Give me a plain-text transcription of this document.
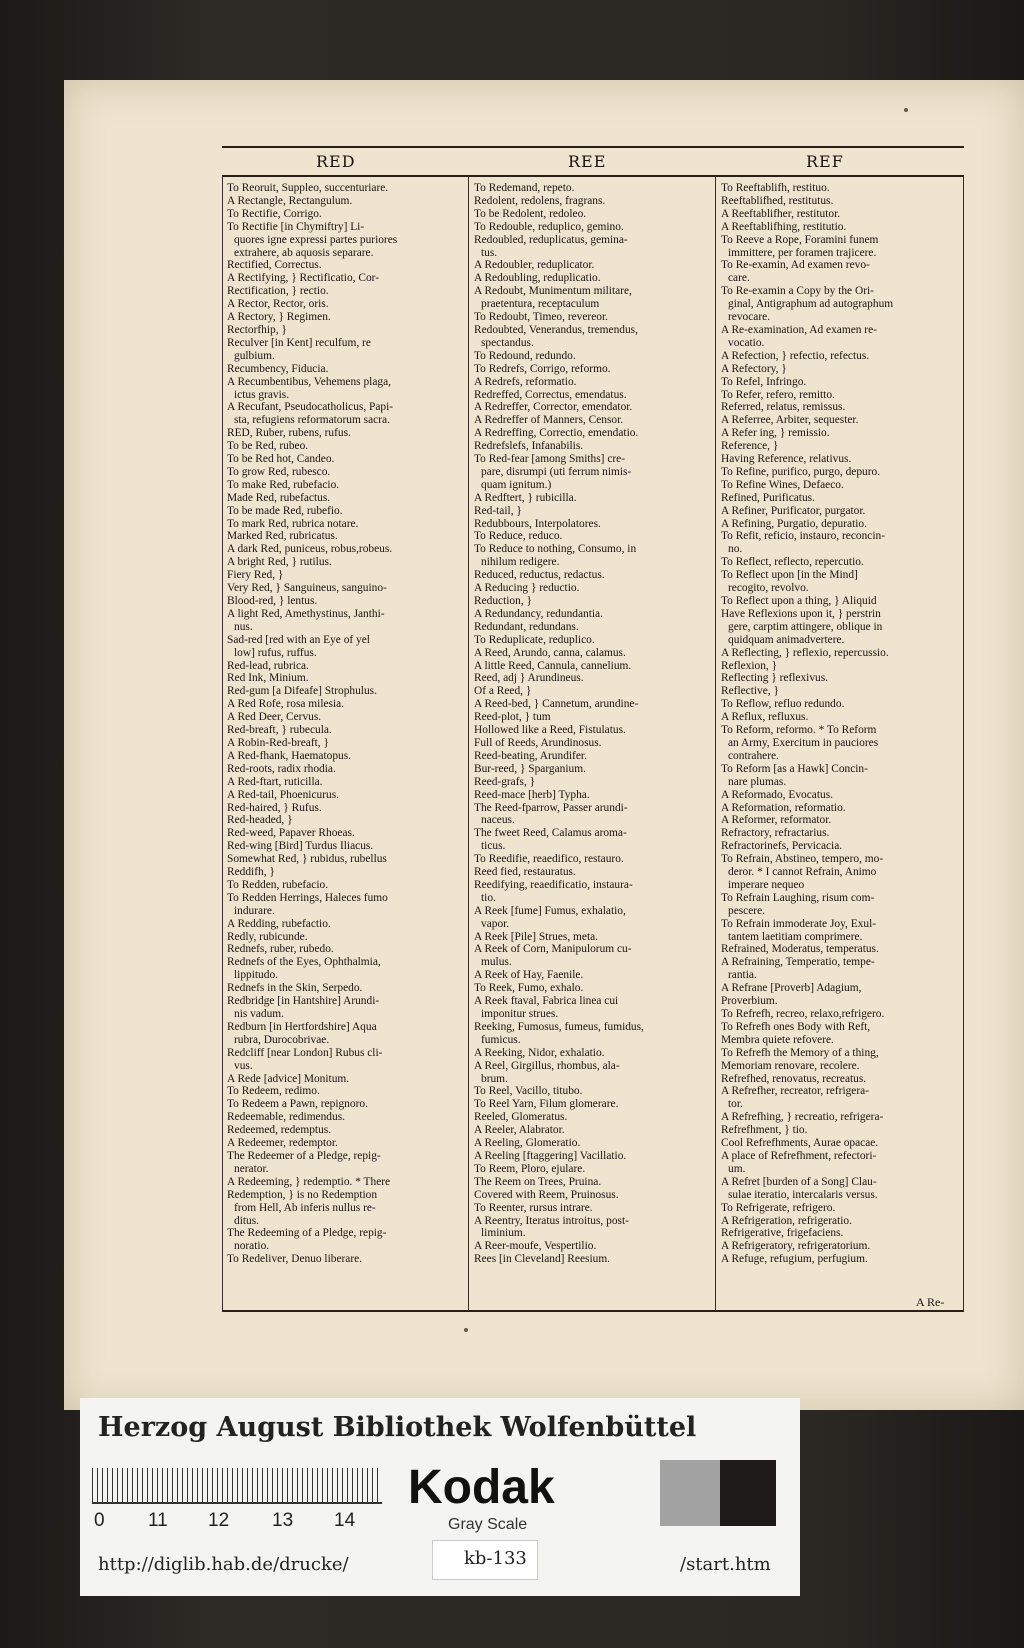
RED	REE	REF
To Reoruit, Suppleo, succenturiare.
A Rectangle, Rectangulum.
To Rectifie, Corrigo.
To Rectifie [in Chymiftry] Li-
quores igne expressi partes puriores
extrahere, ab aquosis separare.
Rectified, Correctus.
A Rectifying, } Rectificatio, Cor-
Rectification, } rectio.
A Rector, Rector, oris.
A Rectory, } Regimen.
Rectorfhip, }
Reculver [in Kent] reculfum, re
gulbium.
Recumbency, Fiducia.
A Recumbentibus, Vehemens plaga,
ictus gravis.
A Recufant, Pseudocatholicus, Papi-
sta, refugiens reformatorum sacra.
RED, Ruber, rubens, rufus.
To be Red, rubeo.
To be Red hot, Candeo.
To grow Red, rubesco.
To make Red, rubefacio.
Made Red, rubefactus.
To be made Red, rubefio.
To mark Red, rubrica notare.
Marked Red, rubricatus.
A dark Red, puniceus, robus,robeus.
A bright Red, } rutilus.
Fiery Red, }
Very Red, } Sanguineus, sanguino-
Blood-red, } lentus.
A light Red, Amethystinus, Janthi-
nus.
Sad-red [red with an Eye of yel
low] rufus, ruffus.
Red-lead, rubrica.
Red Ink, Minium.
Red-gum [a Difeafe] Strophulus.
A Red Rofe, rosa milesia.
A Red Deer, Cervus.
Red-breaft, } rubecula.
A Robin-Red-breaft, }
A Red-fhank, Haematopus.
Red-roots, radix rhodia.
A Red-ftart, ruticilla.
A Red-tail, Phoenicurus.
Red-haired, } Rufus.
Red-headed, }
Red-weed, Papaver Rhoeas.
Red-wing [Bird] Turdus Iliacus.
Somewhat Red, } rubidus, rubellus
Reddifh, }
To Redden, rubefacio.
To Redden Herrings, Haleces fumo
indurare.
A Redding, rubefactio.
Redly, rubicunde.
Rednefs, ruber, rubedo.
Rednefs of the Eyes, Ophthalmia,
lippitudo.
Rednefs in the Skin, Serpedo.
Redbridge [in Hantshire] Arundi-
nis vadum.
Redburn [in Hertfordshire] Aqua
rubra, Durocobrivae.
Redcliff [near London] Rubus cli-
vus.
A Rede [advice] Monitum.
To Redeem, redimo.
To Redeem a Pawn, repignoro.
Redeemable, redimendus.
Redeemed, redemptus.
A Redeemer, redemptor.
The Redeemer of a Pledge, repig-
nerator.
A Redeeming, } redemptio. * There
Redemption, } is no Redemption
from Hell, Ab inferis nullus re-
ditus.
The Redeeming of a Pledge, repig-
noratio.
To Redeliver, Denuo liberare.
To Redemand, repeto.
Redolent, redolens, fragrans.
To be Redolent, redoleo.
To Redouble, reduplico, gemino.
Redoubled, reduplicatus, gemina-
tus.
A Redoubler, reduplicator.
A Redoubling, reduplicatio.
A Redoubt, Munimentum militare,
praetentura, receptaculum
To Redoubt, Timeo, revereor.
Redoubted, Venerandus, tremendus,
spectandus.
To Redound, redundo.
To Redrefs, Corrigo, reformo.
A Redrefs, reformatio.
Redreffed, Correctus, emendatus.
A Redreffer, Corrector, emendator.
A Redreffer of Manners, Censor.
A Redreffing, Correctio, emendatio.
Redrefslefs, Infanabilis.
To Red-fear [among Smiths] cre-
pare, disrumpi (uti ferrum nimis-
quam ignitum.)
A Redftert, } rubicilla.
Red-tail, }
Redubbours, Interpolatores.
To Reduce, reduco.
To Reduce to nothing, Consumo, in
nihilum redigere.
Reduced, reductus, redactus.
A Reducing } reductio.
Reduction, }
A Redundancy, redundantia.
Redundant, redundans.
To Reduplicate, reduplico.
A Reed, Arundo, canna, calamus.
A little Reed, Cannula, cannelium.
Reed, adj } Arundineus.
Of a Reed, }
A Reed-bed, } Cannetum, arundine-
Reed-plot, } tum
Hollowed like a Reed, Fistulatus.
Full of Reeds, Arundinosus.
Reed-beating, Arundifer.
Bur-reed, } Sparganium.
Reed-grafs, }
Reed-mace [herb] Typha.
The Reed-fparrow, Passer arundi-
naceus.
The fweet Reed, Calamus aroma-
ticus.
To Reedifie, reaedifico, restauro.
Reed fied, restauratus.
Reedifying, reaedificatio, instaura-
tio.
A Reek [fume] Fumus, exhalatio,
vapor.
A Reek [Pile] Strues, meta.
A Reek of Corn, Manipulorum cu-
mulus.
A Reek of Hay, Faenile.
To Reek, Fumo, exhalo.
A Reek ftaval, Fabrica linea cui
imponitur strues.
Reeking, Fumosus, fumeus, fumidus,
fumicus.
A Reeking, Nidor, exhalatio.
A Reel, Girgillus, rhombus, ala-
brum.
To Reel, Vacillo, titubo.
To Reel Yarn, Filum glomerare.
Reeled, Glomeratus.
A Reeler, Alabrator.
A Reeling, Glomeratio.
A Reeling [ftaggering] Vacillatio.
To Reem, Ploro, ejulare.
The Reem on Trees, Pruina.
Covered with Reem, Pruinosus.
To Reenter, rursus intrare.
A Reentry, Iteratus introitus, post-
liminium.
A Reer-moufe, Vespertilio.
Rees [in Cleveland] Reesium.
To Reeftablifh, restituo.
Reeftablifhed, restitutus.
A Reeftablifher, restitutor.
A Reeftablifhing, restitutio.
To Reeve a Rope, Foramini funem
immittere, per foramen trajicere.
To Re-examin, Ad examen revo-
care.
To Re-examin a Copy by the Ori-
ginal, Antigraphum ad autographum
revocare.
A Re-examination, Ad examen re-
vocatio.
A Refection, } refectio, refectus.
A Refectory, }
To Refel, Infringo.
To Refer, refero, remitto.
Referred, relatus, remissus.
A Referree, Arbiter, sequester.
A Refer ing, } remissio.
Reference, }
Having Reference, relativus.
To Refine, purifico, purgo, depuro.
To Refine Wines, Defaeco.
Refined, Purificatus.
A Refiner, Purificator, purgator.
A Refining, Purgatio, depuratio.
To Refit, reficio, instauro, reconcin-
no.
To Reflect, reflecto, repercutio.
To Reflect upon [in the Mind]
recogito, revolvo.
To Reflect upon a thing, } Aliquid
Have Reflexions upon it, } perstrin
gere, carptim attingere, oblique in
quidquam animadvertere.
A Reflecting, } reflexio, repercussio.
Reflexion, }
Reflecting } reflexivus.
Reflective, }
To Reflow, refluo redundo.
A Reflux, refluxus.
To Reform, reformo. * To Reform
an Army, Exercitum in pauciores
contrahere.
To Reform [as a Hawk] Concin-
nare plumas.
A Reformado, Evocatus.
A Reformation, reformatio.
A Reformer, reformator.
Refractory, refractarius.
Refractorinefs, Pervicacia.
To Refrain, Abstineo, tempero, mo-
deror. * I cannot Refrain, Animo
imperare nequeo
To Refrain Laughing, risum com-
pescere.
To Refrain immoderate Joy, Exul-
tantem laetitiam comprimere.
Refrained, Moderatus, temperatus.
A Refraining, Temperatio, tempe-
rantia.
A Refrane [Proverb] Adagium,
Proverbium.
To Refrefh, recreo, relaxo,refrigero.
To Refrefh ones Body with Reft,
Membra quiete refovere.
To Refrefh the Memory of a thing,
Memoriam renovare, recolere.
Refrefhed, renovatus, recreatus.
A Refrefher, recreator, refrigera-
tor.
A Refrefhing, } recreatio, refrigera-
Refrefhment, } tio.
Cool Refrefhments, Aurae opacae.
A place of Refrefhment, refectori-
um.
A Refret [burden of a Song] Clau-
sulae iteratio, intercalaris versus.
To Refrigerate, refrigero.
A Refrigeration, refrigeratio.
Refrigerative, frigefaciens.
A Refrigeratory, refrigeratorium.
A Refuge, refugium, perfugium.
A Re-
Herzog August Bibliothek Wolfenbüttel
0 11 12 13 14
Kodak
Gray Scale
kb-133
http://diglib.hab.de/drucke/	/start.htm
